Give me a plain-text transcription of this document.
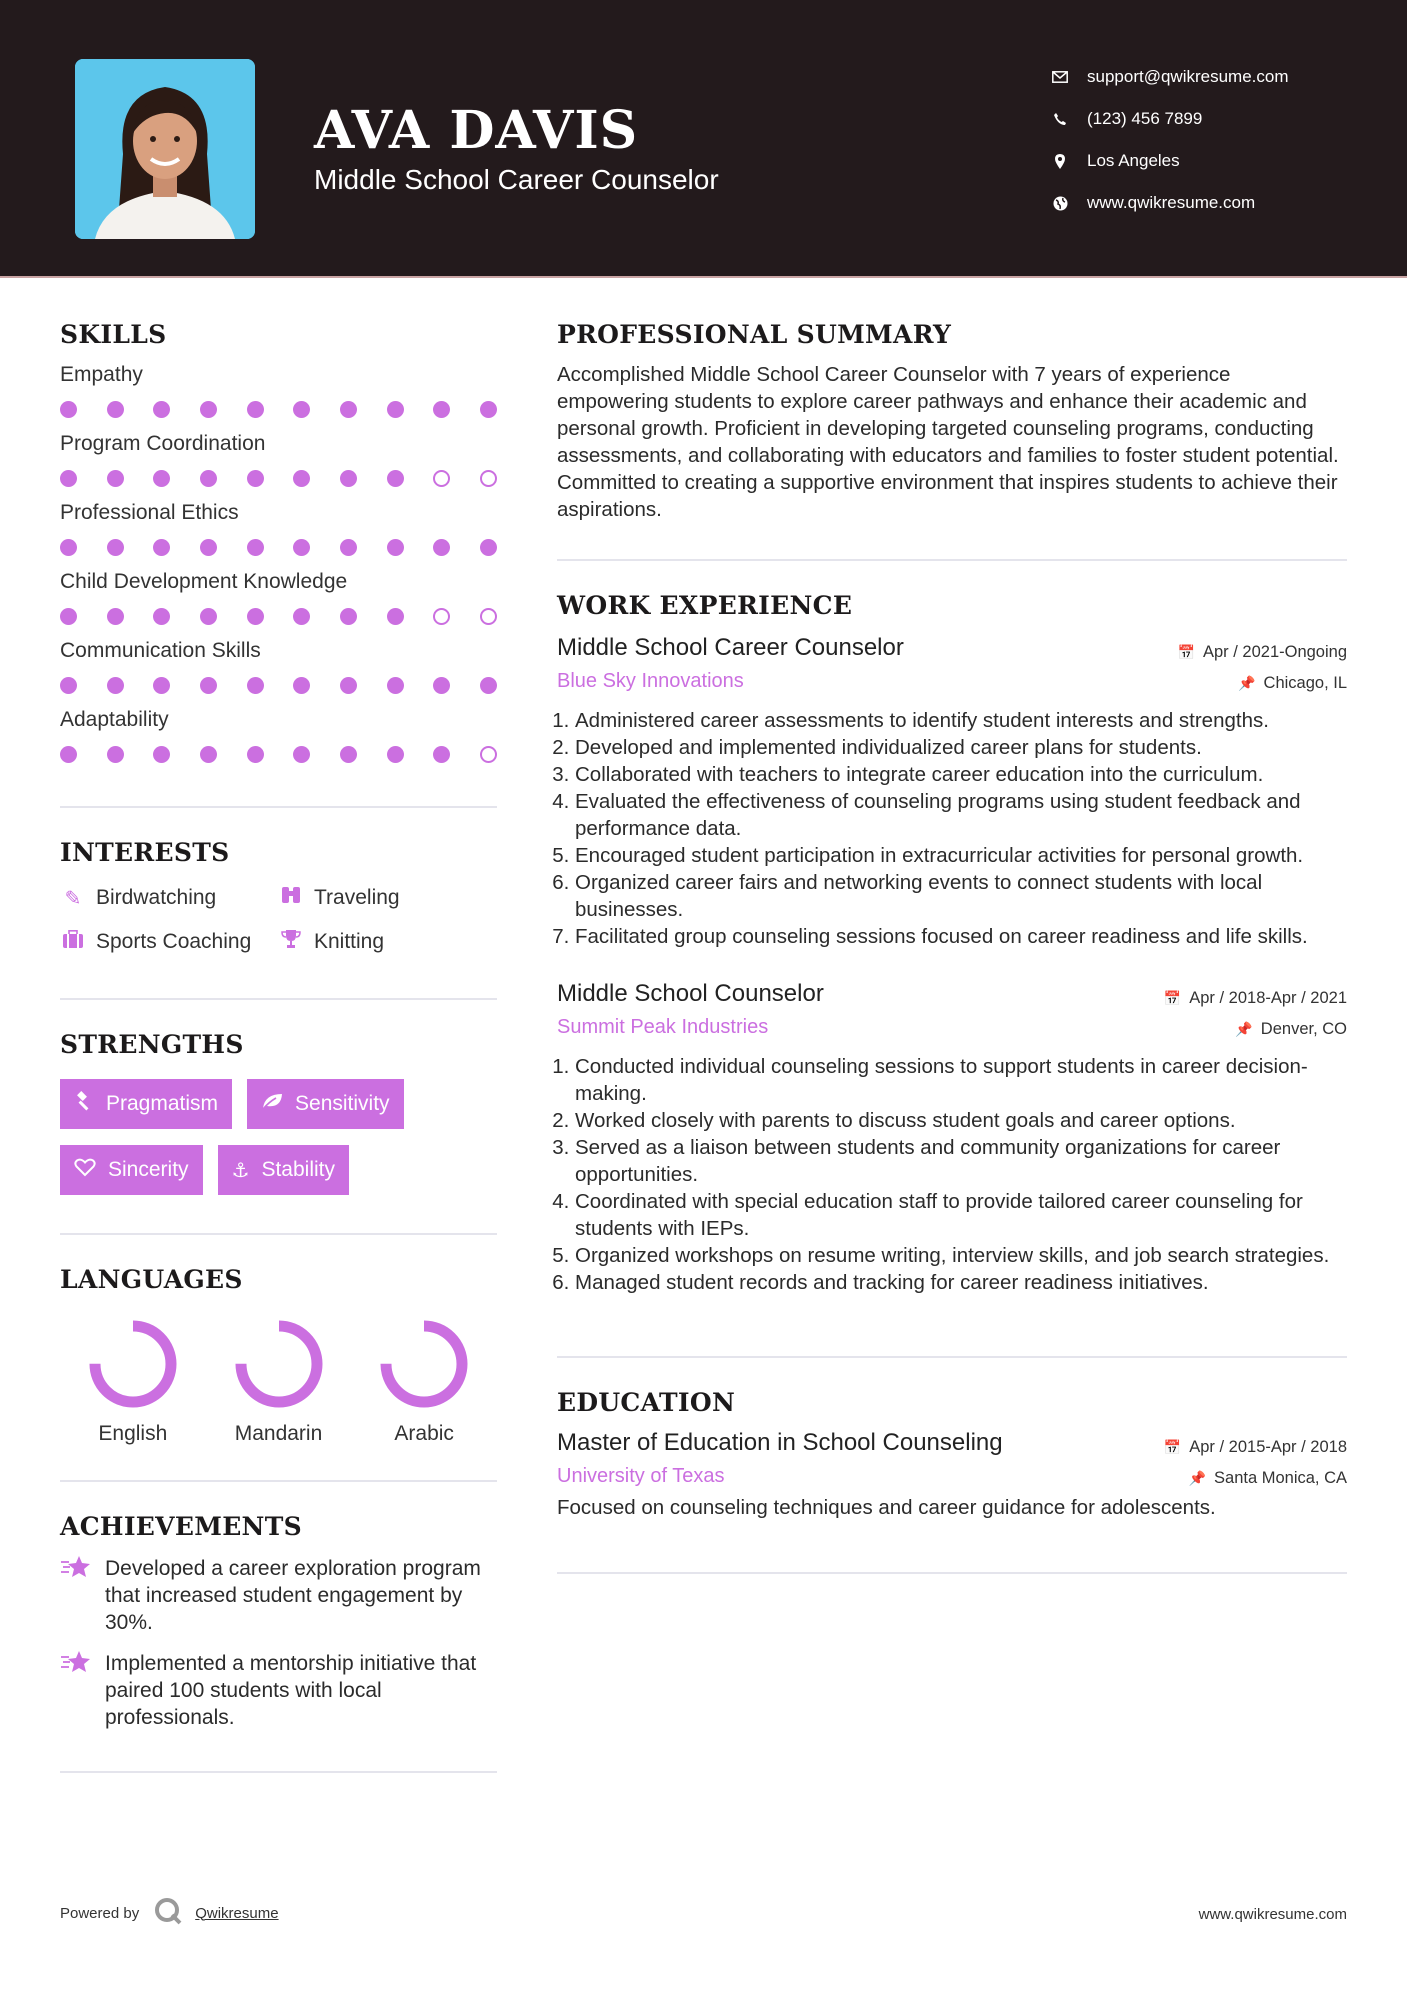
AVA DAVIS

Middle School Career Counselor

support@qwikresume.com
(123) 456 7899
Los Angeles
www.qwikresume.com
SKILLS
Empathy
Program Coordination
Professional Ethics
Child Development Knowledge
Communication Skills
Adaptability
INTERESTS
✎ Birdwatching	Traveling
Sports Coaching	Knitting
STRENGTHS
Pragmatism	Sensitivity
Sincerity ⚓ Stability
LANGUAGES
English	Mandarin	Arabic
ACHIEVEMENTS
Developed a career exploration program that increased student engagement by 30%.
Implemented a mentorship initiative that paired 100 students with local professionals.
PROFESSIONAL SUMMARY

Accomplished Middle School Career Counselor with 7 years of experience empowering students to explore career pathways and enhance their academic and personal growth. Proficient in developing targeted counseling programs, conducting assessments, and collaborating with educators and families to foster student potential. Committed to creating a supportive environment that inspires students to achieve their aspirations.

WORK EXPERIENCE
Middle School Career Counselor	📅 Apr / 2021-Ongoing
Blue Sky Innovations	📌 Chicago, IL
1. Administered career assessments to identify student interests and strengths.
2. Developed and implemented individualized career plans for students.
3. Collaborated with teachers to integrate career education into the curriculum.
4. Evaluated the effectiveness of counseling programs using student feedback and performance data.
5. Encouraged student participation in extracurricular activities for personal growth.
6. Organized career fairs and networking events to connect students with local businesses.
7. Facilitated group counseling sessions focused on career readiness and life skills.
Middle School Counselor	📅 Apr / 2018-Apr / 2021
Summit Peak Industries	📌 Denver, CO
1. Conducted individual counseling sessions to support students in career decision-making.
2. Worked closely with parents to discuss student goals and career options.
3. Served as a liaison between students and community organizations for career opportunities.
4. Coordinated with special education staff to provide tailored career counseling for students with IEPs.
5. Organized workshops on resume writing, interview skills, and job search strategies.
6. Managed student records and tracking for career readiness initiatives.
EDUCATION
Master of Education in School Counseling	📅 Apr / 2015-Apr / 2018
University of Texas	📌 Santa Monica, CA
Focused on counseling techniques and career guidance for adolescents.
Powered by	Qwikresume	www.qwikresume.com
